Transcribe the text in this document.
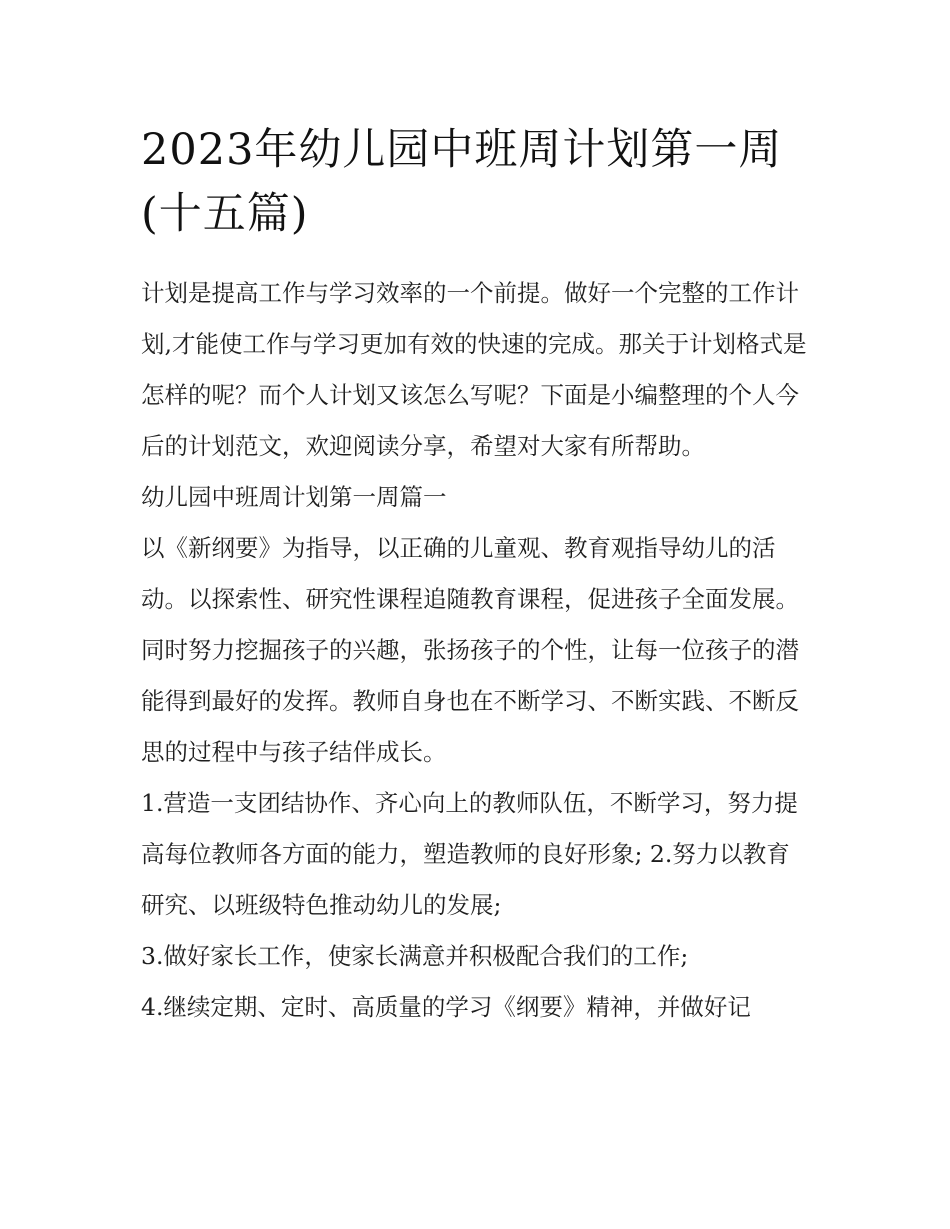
2023年幼儿园中班周计划第一周(十五篇)

计划是提高工作与学习效率的一个前提。做好一个完整的工作计划,才能使工作与学习更加有效的快速的完成。那关于计划格式是怎样的呢？而个人计划又该怎么写呢？下面是小编整理的个人今后的计划范文，欢迎阅读分享，希望对大家有所帮助。

幼儿园中班周计划第一周篇一

以《新纲要》为指导，以正确的儿童观、教育观指导幼儿的活动。以探索性、研究性课程追随教育课程，促进孩子全面发展。同时努力挖掘孩子的兴趣，张扬孩子的个性，让每一位孩子的潜能得到最好的发挥。教师自身也在不断学习、不断实践、不断反思的过程中与孩子结伴成长。

1.营造一支团结协作、齐心向上的教师队伍，不断学习，努力提高每位教师各方面的能力，塑造教师的良好形象; 2.努力以教育研究、以班级特色推动幼儿的发展;

3.做好家长工作，使家长满意并积极配合我们的工作;

4.继续定期、定时、高质量的学习《纲要》精神，并做好记
